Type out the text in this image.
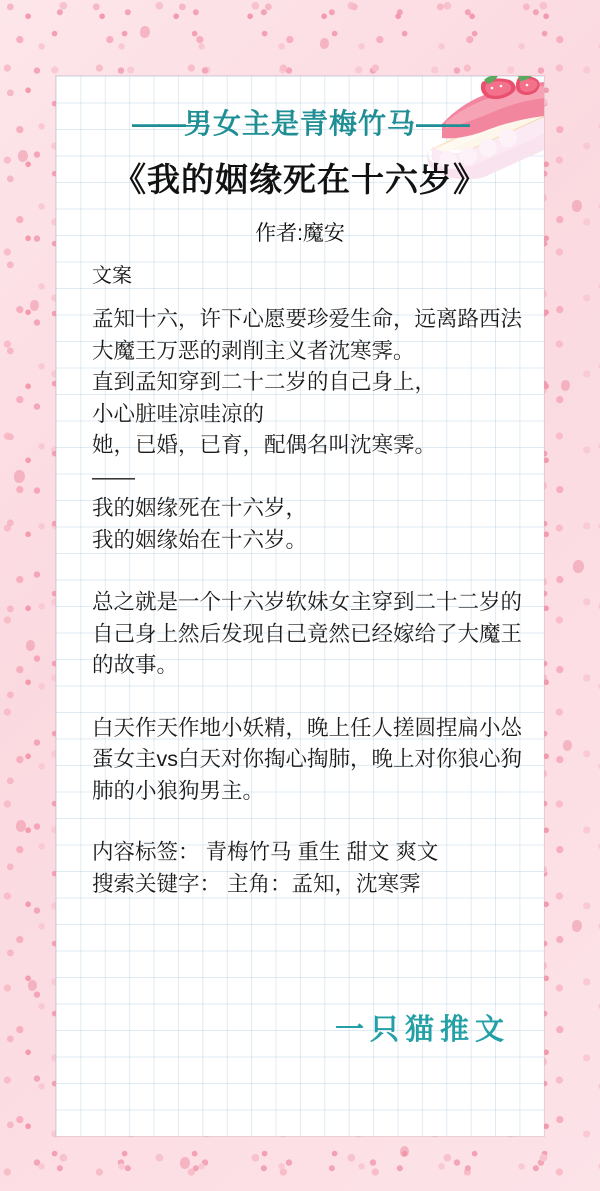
——男女主是青梅竹马——
《我的姻缘死在十六岁》
作者:魔安
文案

孟知十六，许下心愿要珍爱生命，远离路西法大魔王万恶的剥削主义者沈寒霁。

直到孟知穿到二十二岁的自己身上，

小心脏哇凉哇凉的

她，已婚，已育，配偶名叫沈寒霁。

——

我的姻缘死在十六岁，

我的姻缘始在十六岁。

总之就是一个十六岁软妹女主穿到二十二岁的自己身上然后发现自己竟然已经嫁给了大魔王的故事。

白天作天作地小妖精，晚上任人搓圆捏扁小怂蛋女主vs白天对你掏心掏肺，晚上对你狼心狗肺的小狼狗男主。

内容标签： 青梅竹马 重生 甜文 爽文

搜索关键字： 主角：孟知，沈寒霁

一只猫推文
